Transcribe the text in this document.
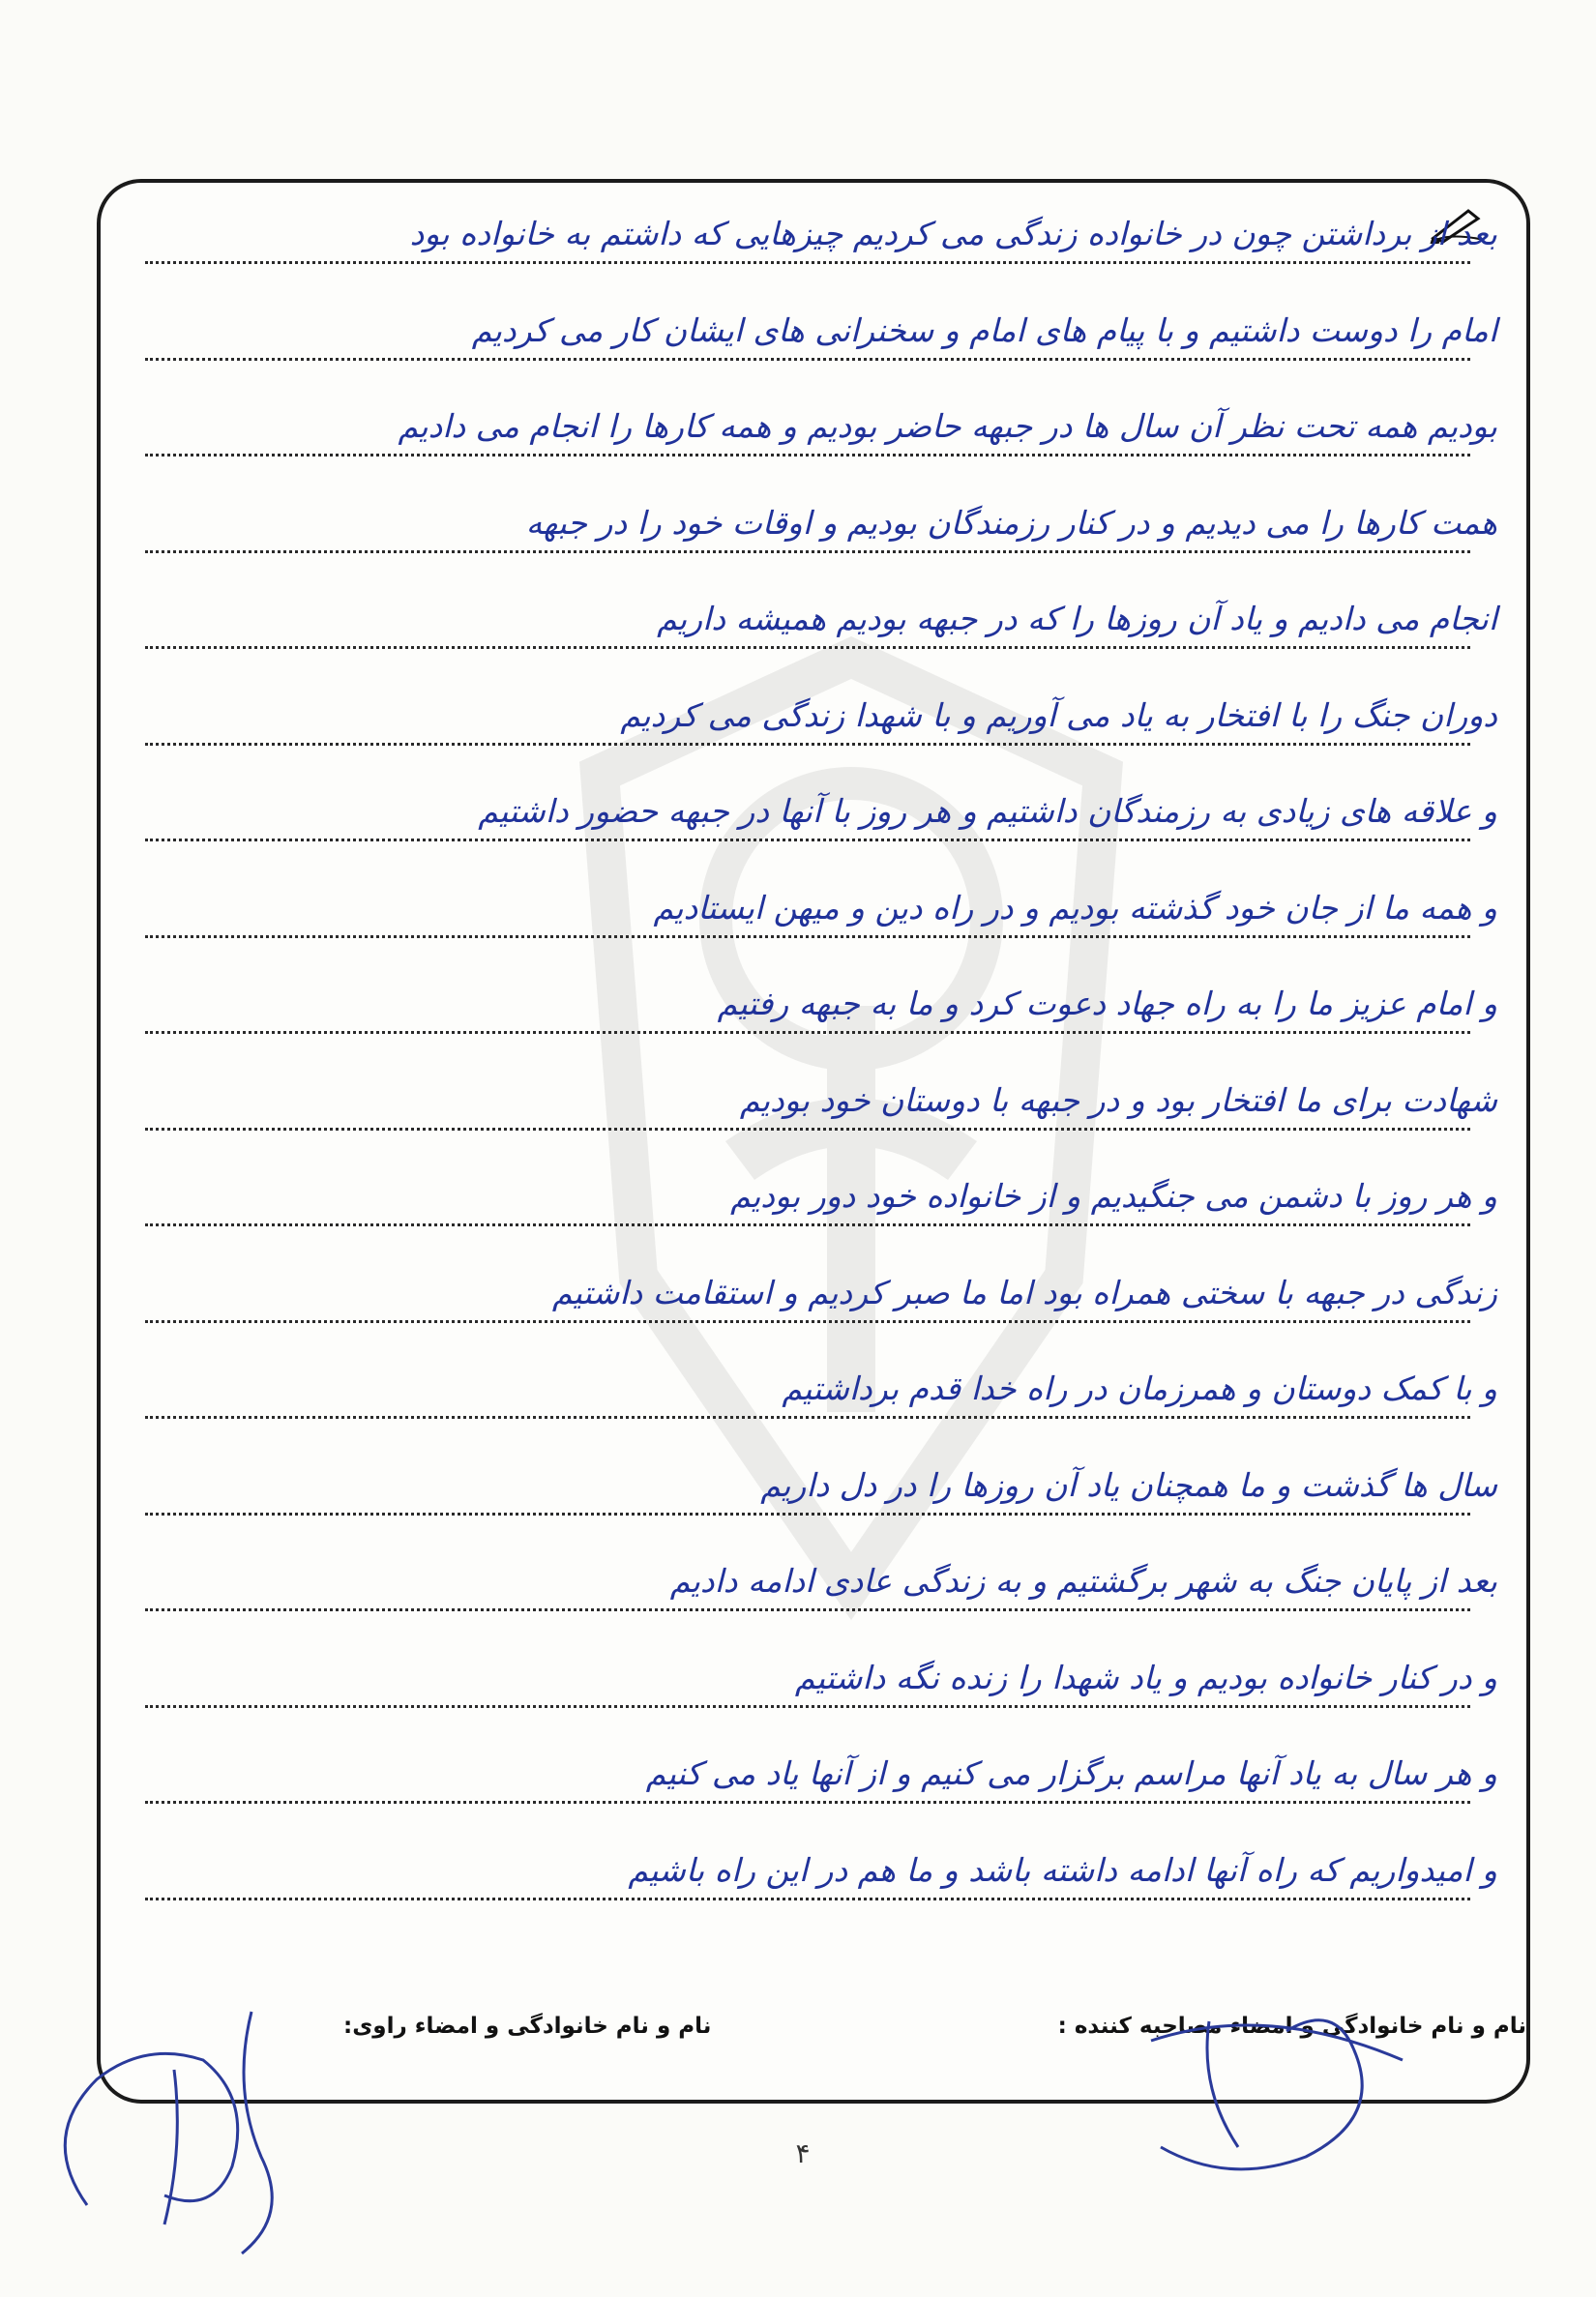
بعد از برداشتن چون در خانواده زندگی می کردیم چیزهایی که داشتم به خانواده بود
امام را دوست داشتیم و با پیام های امام و سخنرانی های ایشان کار می کردیم
بودیم همه تحت نظر آن سال ها در جبهه حاضر بودیم و همه کارها را انجام می دادیم
همت کارها را می دیدیم و در کنار رزمندگان بودیم و اوقات خود را در جبهه
انجام می دادیم و یاد آن روزها را که در جبهه بودیم همیشه داریم
دوران جنگ را با افتخار به یاد می آوریم و با شهدا زندگی می کردیم
و علاقه های زیادی به رزمندگان داشتیم و هر روز با آنها در جبهه حضور داشتیم
و همه ما از جان خود گذشته بودیم و در راه دین و میهن ایستادیم
و امام عزیز ما را به راه جهاد دعوت کرد و ما به جبهه رفتیم
شهادت برای ما افتخار بود و در جبهه با دوستان خود بودیم
و هر روز با دشمن می جنگیدیم و از خانواده خود دور بودیم
زندگی در جبهه با سختی همراه بود اما ما صبر کردیم و استقامت داشتیم
و با کمک دوستان و همرزمان در راه خدا قدم برداشتیم
سال ها گذشت و ما همچنان یاد آن روزها را در دل داریم
بعد از پایان جنگ به شهر برگشتیم و به زندگی عادی ادامه دادیم
و در کنار خانواده بودیم و یاد شهدا را زنده نگه داشتیم
و هر سال به یاد آنها مراسم برگزار می کنیم و از آنها یاد می کنیم
و امیدواریم که راه آنها ادامه داشته باشد و ما هم در این راه باشیم
نام و نام خانوادگی و امضاء مصاحبه کننده :
نام و نام خانوادگی و امضاء راوی:
۴
